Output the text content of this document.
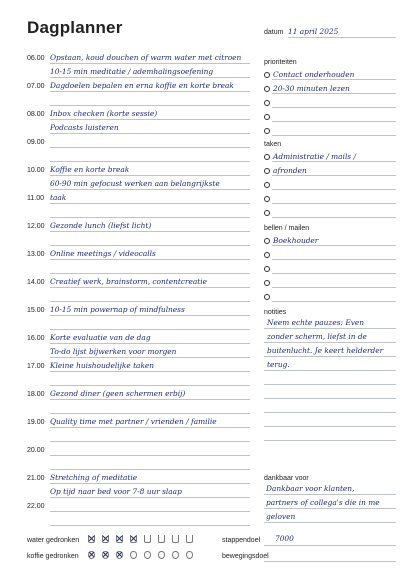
Dagplanner	datum 11 april 2025
06.00 Opstaan, koud douchen of warm water met citroen
10-15 min meditatie / ademhalingsoefening
07.00 Dagdoelen bepalen en erna koffie en korte break
08.00 Inbox checken (korte sessie)
Podcasts luisteren
09.00
10.00 Koffie en korte break
60-90 min gefocust werken aan belangrijkste
11.00 taak
12.00 Gezonde lunch (liefst licht)
13.00 Online meetings / videocalls
14.00 Creatief werk, brainstorm, contentcreatie
15.00 10-15 min powernap of mindfulness
16.00 Korte evaluatie van de dag
To-do lijst bijwerken voor morgen
17.00 Kleine huishoudelijke taken
18.00 Gezond diner (geen schermen erbij)
19.00 Quality time met partner / vrienden / familie
20.00
21.00 Stretching of meditatie
Op tijd naar bed voor 7-8 uur slaap
22.00
prioriteiten
Contact onderhouden
20-30 minuten lezen
taken
Administratie / mails /
afronden
bellen / mailen
Boekhouder
notities
Neem echte pauzes: Even
zonder scherm, liefst in de
buitenlucht. Je keert helderder
terug.
dankbaar voor
Dankbaar voor klanten,
partners of collega's die in me
geloven
water gedronken
koffie gedronken
stappendoel 7000
bewegingsdoel
